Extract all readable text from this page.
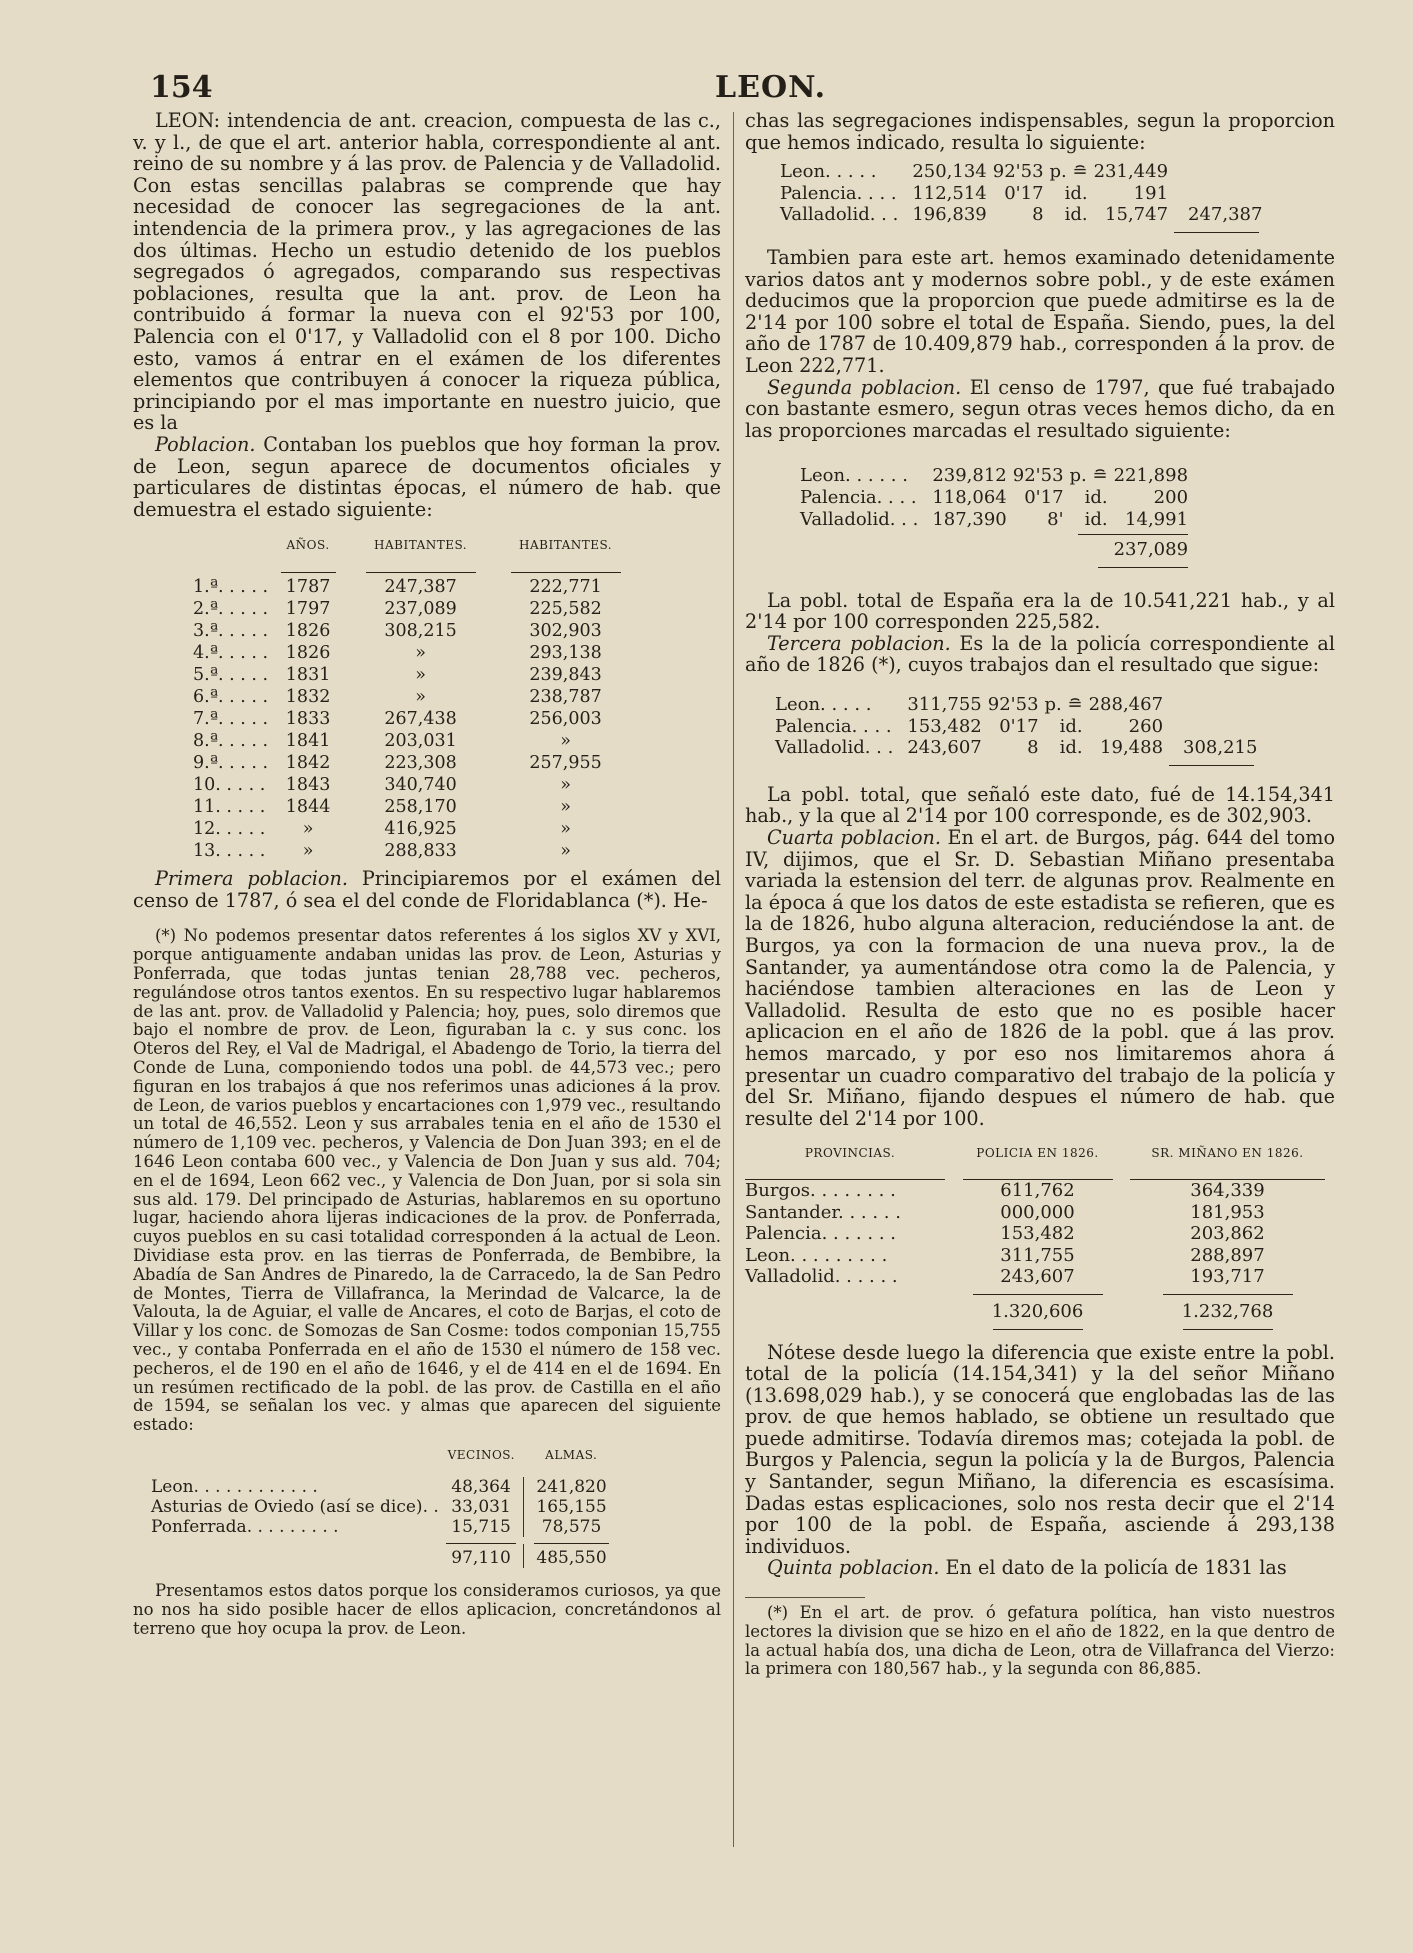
154	LEON.

LEON: intendencia de ant. creacion, compuesta de las c., v. y l., de que el art. anterior habla, correspondiente al ant. reino de su nombre y á las prov. de Palencia y de Valladolid. Con estas sencillas palabras se comprende que hay necesidad de conocer las segregaciones de la ant. intendencia de la primera prov., y las agregaciones de las dos últimas. Hecho un estudio detenido de los pueblos segregados ó agregados, comparando sus respectivas poblaciones, resulta que la ant. prov. de Leon ha contribuido á formar la nueva con el 92'53 por 100, Palencia con el 0'17, y Valladolid con el 8 por 100. Dicho esto, vamos á entrar en el exámen de los diferentes elementos que contribuyen á conocer la riqueza pública, principiando por el mas importante en nuestro juicio, que es la

Poblacion. Contaban los pueblos que hoy forman la prov. de Leon, segun aparece de documentos oficiales y particulares de distintas épocas, el número de hab. que demuestra el estado siguiente:

	AÑOS.	HABITANTES.	HABITANTES.

1.ª. . . . .	1787	247,387	222,771
2.ª. . . . .	1797	237,089	225,582
3.ª. . . . .	1826	308,215	302,903
4.ª. . . . .	1826	»	293,138
5.ª. . . . .	1831	»	239,843
6.ª. . . . .	1832	»	238,787
7.ª. . . . .	1833	267,438	256,003
8.ª. . . . .	1841	203,031	»
9.ª. . . . .	1842	223,308	257,955
10. . . . .	1843	340,740	»
11. . . . .	1844	258,170	»
12. . . . .	»	416,925	»
13. . . . .	»	288,833	»

Primera poblacion. Principiaremos por el exámen del censo de 1787, ó sea el del conde de Floridablanca (*). He-

(*) No podemos presentar datos referentes á los siglos XV y XVI, porque antiguamente andaban unidas las prov. de Leon, Asturias y Ponferrada, que todas juntas tenian 28,788 vec. pecheros, regulándose otros tantos exentos. En su respectivo lugar hablaremos de las ant. prov. de Valladolid y Palencia; hoy, pues, solo diremos que bajo el nombre de prov. de Leon, figuraban la c. y sus conc. los Oteros del Rey, el Val de Madrigal, el Abadengo de Torio, la tierra del Conde de Luna, componiendo todos una pobl. de 44,573 vec.; pero figuran en los trabajos á que nos referimos unas adiciones á la prov. de Leon, de varios pueblos y encartaciones con 1,979 vec., resultando un total de 46,552. Leon y sus arrabales tenia en el año de 1530 el número de 1,109 vec. pecheros, y Valencia de Don Juan 393; en el de 1646 Leon contaba 600 vec., y Valencia de Don Juan y sus ald. 704; en el de 1694, Leon 662 vec., y Valencia de Don Juan, por si sola sin sus ald. 179. Del principado de Asturias, hablaremos en su oportuno lugar, haciendo ahora lijeras indicaciones de la prov. de Ponferrada, cuyos pueblos en su casi totalidad corresponden á la actual de Leon. Dividiase esta prov. en las tierras de Ponferrada, de Bembibre, la Abadía de San Andres de Pinaredo, la de Carracedo, la de San Pedro de Montes, Tierra de Villafranca, la Merindad de Valcarce, la de Valouta, la de Aguiar, el valle de Ancares, el coto de Barjas, el coto de Villar y los conc. de Somozas de San Cosme: todos componian 15,755 vec., y contaba Ponferrada en el año de 1530 el número de 158 vec. pecheros, el de 190 en el año de 1646, y el de 414 en el de 1694. En un resúmen rectificado de la pobl. de las prov. de Castilla en el año de 1594, se señalan los vec. y almas que aparecen del siguiente estado:

	VECINOS.	ALMAS.
Leon. . . . . . . . . . . .	48,364	241,820
Asturias de Oviedo (así se dice). .	33,031	165,155
Ponferrada. . . . . . . . .	15,715	78,575

	97,110	485,550

Presentamos estos datos porque los consideramos curiosos, ya que no nos ha sido posible hacer de ellos aplicacion, concretándonos al terreno que hoy ocupa la prov. de Leon.

chas las segregaciones indispensables, segun la proporcion que hemos indicado, resulta lo siguiente:

Leon. . . . .	250,134	92'53	p. ≘	231,449	
Palencia. . . .	112,514	0'17	id.	191	
Valladolid. . .	196,839	8	id.	15,747	247,387

Tambien para este art. hemos examinado detenidamente varios datos ant y modernos sobre pobl., y de este exámen deducimos que la proporcion que puede admitirse es la de 2'14 por 100 sobre el total de España. Siendo, pues, la del año de 1787 de 10.409,879 hab., corresponden á la prov. de Leon 222,771.

Segunda poblacion. El censo de 1797, que fué trabajado con bastante esmero, segun otras veces hemos dicho, da en las proporciones marcadas el resultado siguiente:

Leon. . . . . .	239,812	92'53	p. ≘	221,898
Palencia. . . .	118,064	0'17	id.	200
Valladolid. . .	187,390	8'	id.	14,991

237,089				

La pobl. total de España era la de 10.541,221 hab., y al 2'14 por 100 corresponden 225,582.

Tercera poblacion. Es la de la policía correspondiente al año de 1826 (*), cuyos trabajos dan el resultado que sigue:

Leon. . . . .	311,755	92'53	p. ≘	288,467	
Palencia. . . .	153,482	0'17	id.	260	
Valladolid. . .	243,607	8	id.	19,488	308,215

La pobl. total, que señaló este dato, fué de 14.154,341 hab., y la que al 2'14 por 100 corresponde, es de 302,903.

Cuarta poblacion. En el art. de Burgos, pág. 644 del tomo IV, dijimos, que el Sr. D. Sebastian Miñano presentaba variada la estension del terr. de algunas prov. Realmente en la época á que los datos de este estadista se refieren, que es la de 1826, hubo alguna alteracion, reduciéndose la ant. de Burgos, ya con la formacion de una nueva prov., la de Santander, ya aumentándose otra como la de Palencia, y haciéndose tambien alteraciones en las de Leon y Valladolid. Resulta de esto que no es posible hacer aplicacion en el año de 1826 de la pobl. que á las prov. hemos marcado, y por eso nos limitaremos ahora á presentar un cuadro comparativo del trabajo de la policía y del Sr. Miñano, fijando despues el número de hab. que resulte del 2'14 por 100.

PROVINCIAS.	POLICIA EN 1826.	SR. MIÑANO EN 1826.

Burgos. . . . . . . .	611,762	364,339
Santander. . . . . .	000,000	181,953
Palencia. . . . . . .	153,482	203,862
Leon. . . . . . . . .	311,755	288,897
Valladolid. . . . . .	243,607	193,717

	1.320,606	1.232,768

Nótese desde luego la diferencia que existe entre la pobl. total de la policía (14.154,341) y la del señor Miñano (13.698,029 hab.), y se conocerá que englobadas las de las prov. de que hemos hablado, se obtiene un resultado que puede admitirse. Todavía diremos mas; cotejada la pobl. de Burgos y Palencia, segun la policía y la de Burgos, Palencia y Santander, segun Miñano, la diferencia es escasísima. Dadas estas esplicaciones, solo nos resta decir que el 2'14 por 100 de la pobl. de España, asciende á 293,138 individuos.

Quinta poblacion. En el dato de la policía de 1831 las

(*) En el art. de prov. ó gefatura política, han visto nuestros lectores la division que se hizo en el año de 1822, en la que dentro de la actual había dos, una dicha de Leon, otra de Villafranca del Vierzo: la primera con 180,567 hab., y la segunda con 86,885.
